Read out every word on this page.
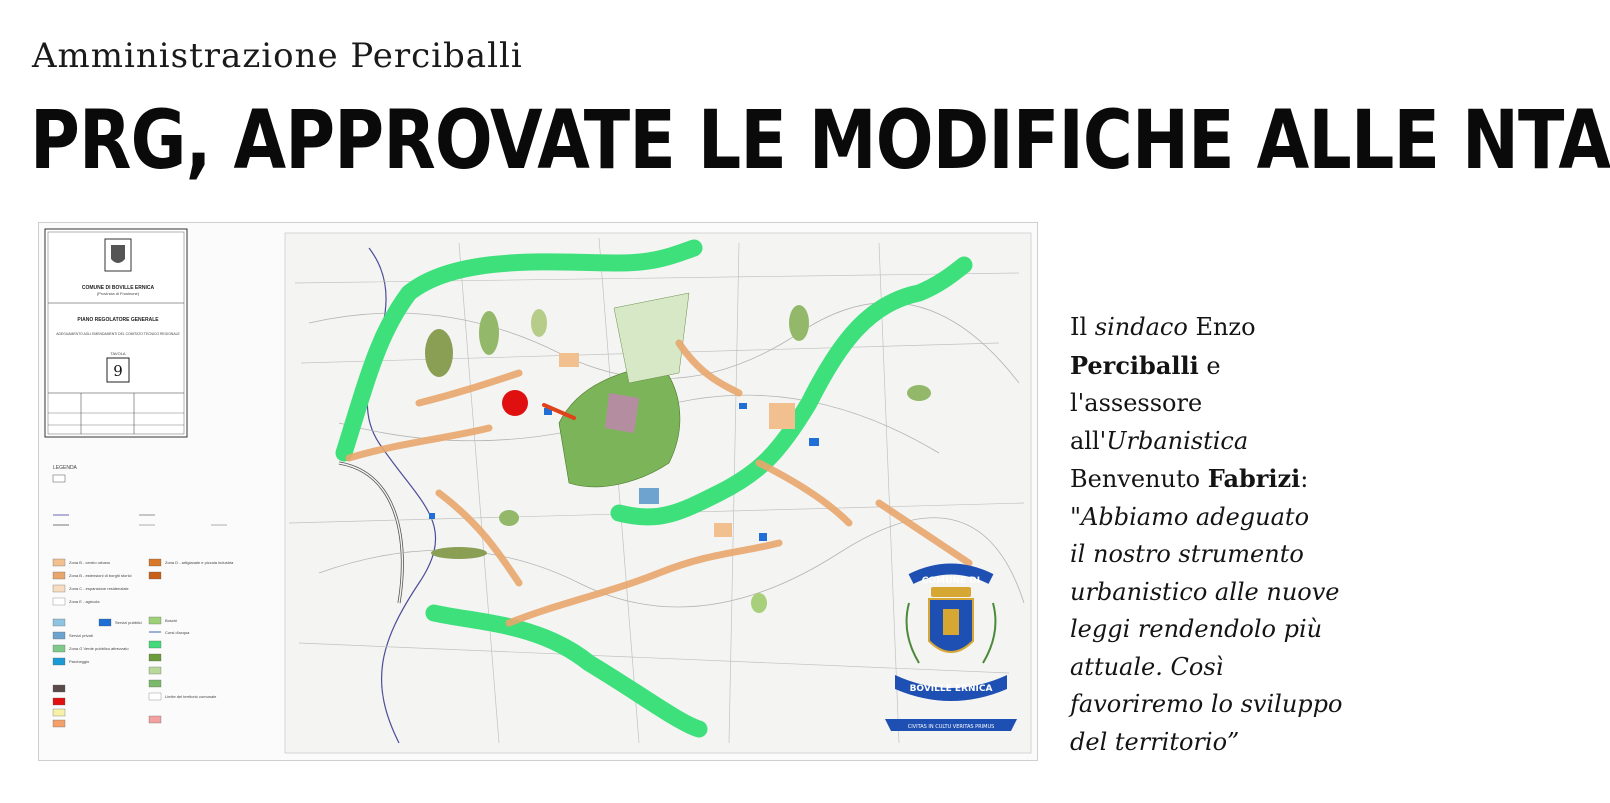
Amministrazione Perciballi
PRG, APPROVATE LE MODIFICHE ALLE NTA
COMUNE DI BOVILLE ERNICA
(Provincia di Frosinone)
PIANO REGOLATORE GENERALE
ADEGUAMENTO AGLI EMENDAMENTI DEL COMITATO TECNICO REGIONALE
TAVOLA
9
LEGENDA
Zona B - centro urbano
Zona B - estensioni di borghi storici
Zona C - espansione residenziale
Zona E - agricola
Zona D - artigianale e piccola industria
Servizi pubblici
Servizi privati
Zona G Verde pubblico attrezzato
Parcheggio
Boschi
Corsi d'acqua
Limite del territorio comunale
COMUNE DI
BOVILLE ERNICA
CIVITAS IN CULTU VERITAS PRIMUS
Il sindaco Enzo
Perciballi e
l'assessore
all'Urbanistica
Benvenuto Fabrizi:
"Abbiamo adeguato
il nostro strumento
urbanistico alle nuove
leggi rendendolo più
attuale. Così
favoriremo lo sviluppo
del territorio”
